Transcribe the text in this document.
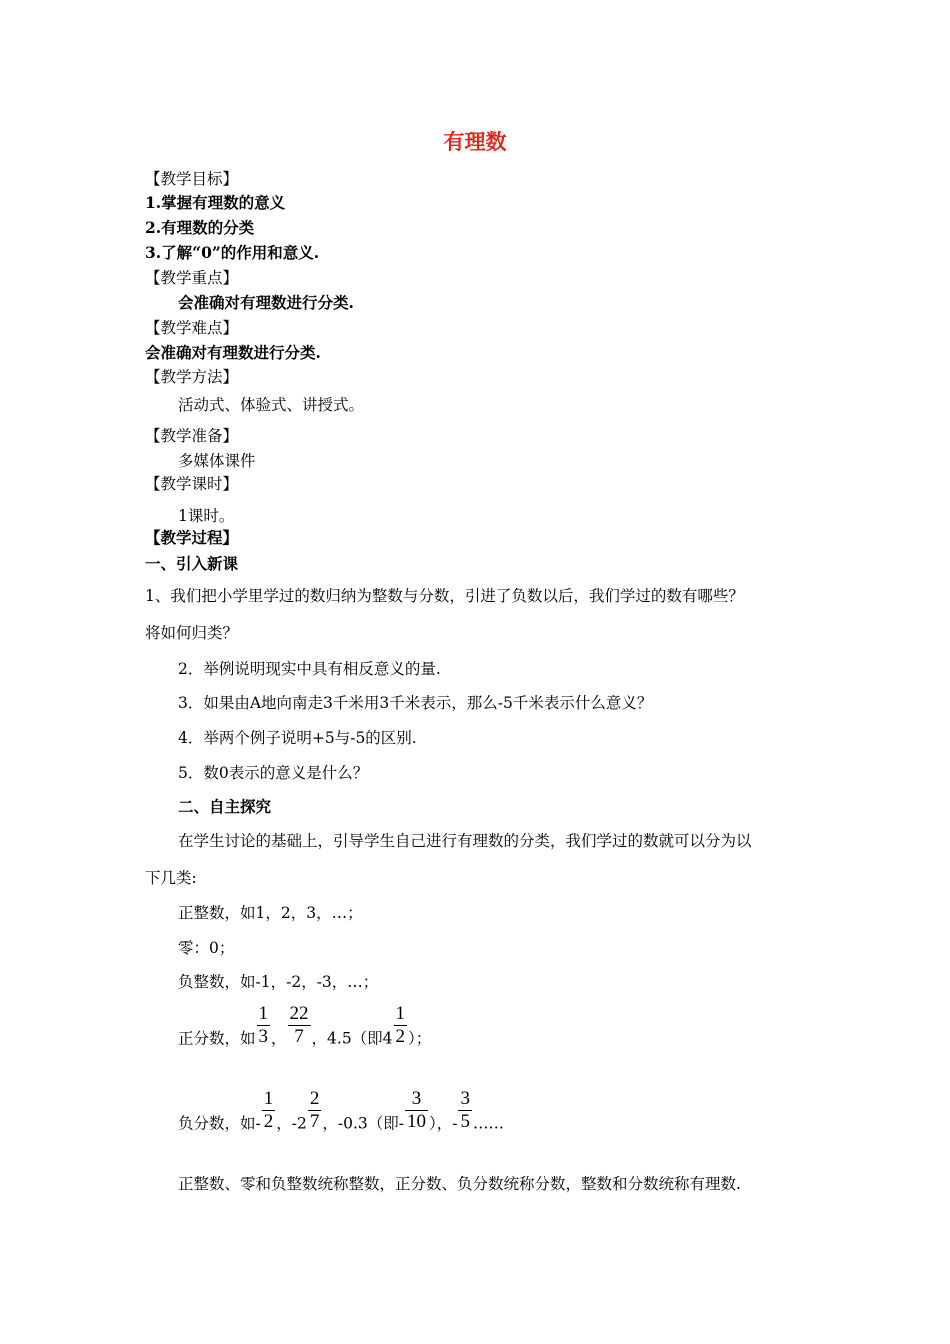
有理数
【教学目标】
1.掌握有理数的意义
2.有理数的分类
3.了解“0”的作用和意义.
【教学重点】
会准确对有理数进行分类.
【教学难点】
会准确对有理数进行分类.
【教学方法】
活动式、体验式、讲授式。
【教学准备】
多媒体课件
【教学课时】
1课时。
【教学过程】
一、引入新课
1、我们把小学里学过的数归纳为整数与分数，引进了负数以后，我们学过的数有哪些？
将如何归类？
2．举例说明现实中具有相反意义的量.
3．如果由A地向南走3千米用3千米表示，那么-5千米表示什么意义？
4．举两个例子说明+5与-5的区别.
5．数0表示的意义是什么？
二、自主探究
在学生讨论的基础上，引导学生自己进行有理数的分类，我们学过的数就可以分为以
下几类:
正整数，如1，2，3，…；
零：0；
负整数，如-1，-2，-3，…；
正分数，如 $\frac{1}{3}$ ， $\frac{22}{7}$ ，4.5（即$4 \frac{1}{2}$ ）；
负分数，如- $\frac{1}{2}$ ，$-2 \frac{2}{7}$ ，-0.3（即- $\frac{3}{10}$ ），- $\frac{3}{5}$ ……
正整数、零和负整数统称整数，正分数、负分数统称分数，整数和分数统称有理数.
